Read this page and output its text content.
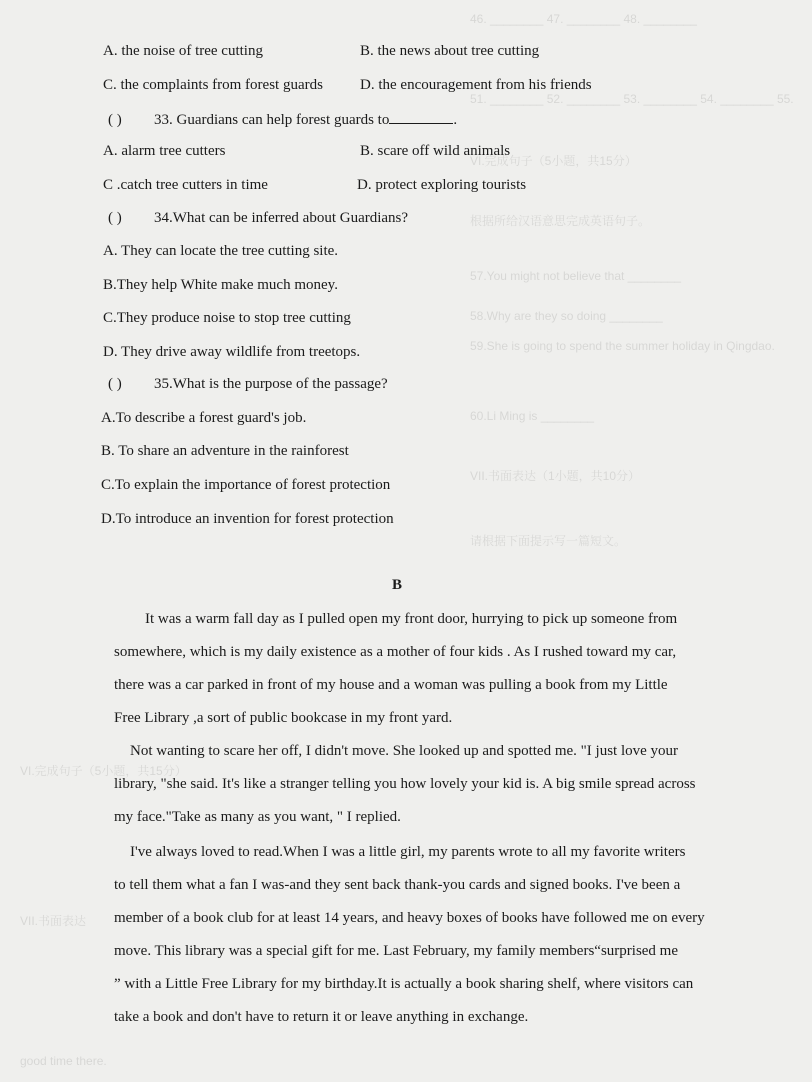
46. ________ 47. ________ 48. ________
51. ________ 52. ________ 53. ________ 54. ________ 55.
VI.完成句子（5小题，共15分）
根据所给汉语意思完成英语句子。
57.You might not believe that ________
58.Why are they so doing ________
59.She is going to spend the summer holiday in Qingdao.
60.Li Ming is ________
VII.书面表达（1小题，共10分）
请根据下面提示写一篇短文。
VI.完成句子（5小题，共15分）
VII.书面表达
good time there.
A. the noise of tree cutting	B. the news about tree cutting
C. the complaints from forest guards D. the encouragement from his friends
( ) 33. Guardians can help forest guards to	.
A. alarm tree cutters	B. scare off wild animals
C .catch tree cutters in time	D. protect exploring tourists
( ) 34.What can be inferred about Guardians?
A. They can locate the tree cutting site.
B.They help White make much money.
C.They produce noise to stop tree cutting
D. They drive away wildlife from treetops.
( ) 35.What is the purpose of the passage?
A.To describe a forest guard's job.
B. To share an adventure in the rainforest
C.To explain the importance of forest protection
D.To introduce an invention for forest protection
B
It was a warm fall day as I pulled open my front door, hurrying to pick up someone from
somewhere, which is my daily existence as a mother of four kids . As I rushed toward my car,
there was a car parked in front of my house and a woman was pulling a book from my Little
Free Library ,a sort of public bookcase in my front yard.
Not wanting to scare her off, I didn't move. She looked up and spotted me. "I just love your
library, "she said. It's like a stranger telling you how lovely your kid is. A big smile spread across
my face."Take as many as you want, " I replied.
I've always loved to read.When I was a little girl, my parents wrote to all my favorite writers
to tell them what a fan I was-and they sent back thank-you cards and signed books. I've been a
member of a book club for at least 14 years, and heavy boxes of books have followed me on every
move. This library was a special gift for me. Last February, my family members“surprised me
” with a Little Free Library for my birthday.It is actually a book sharing shelf, where visitors can
take a book and don't have to return it or leave anything in exchange.
